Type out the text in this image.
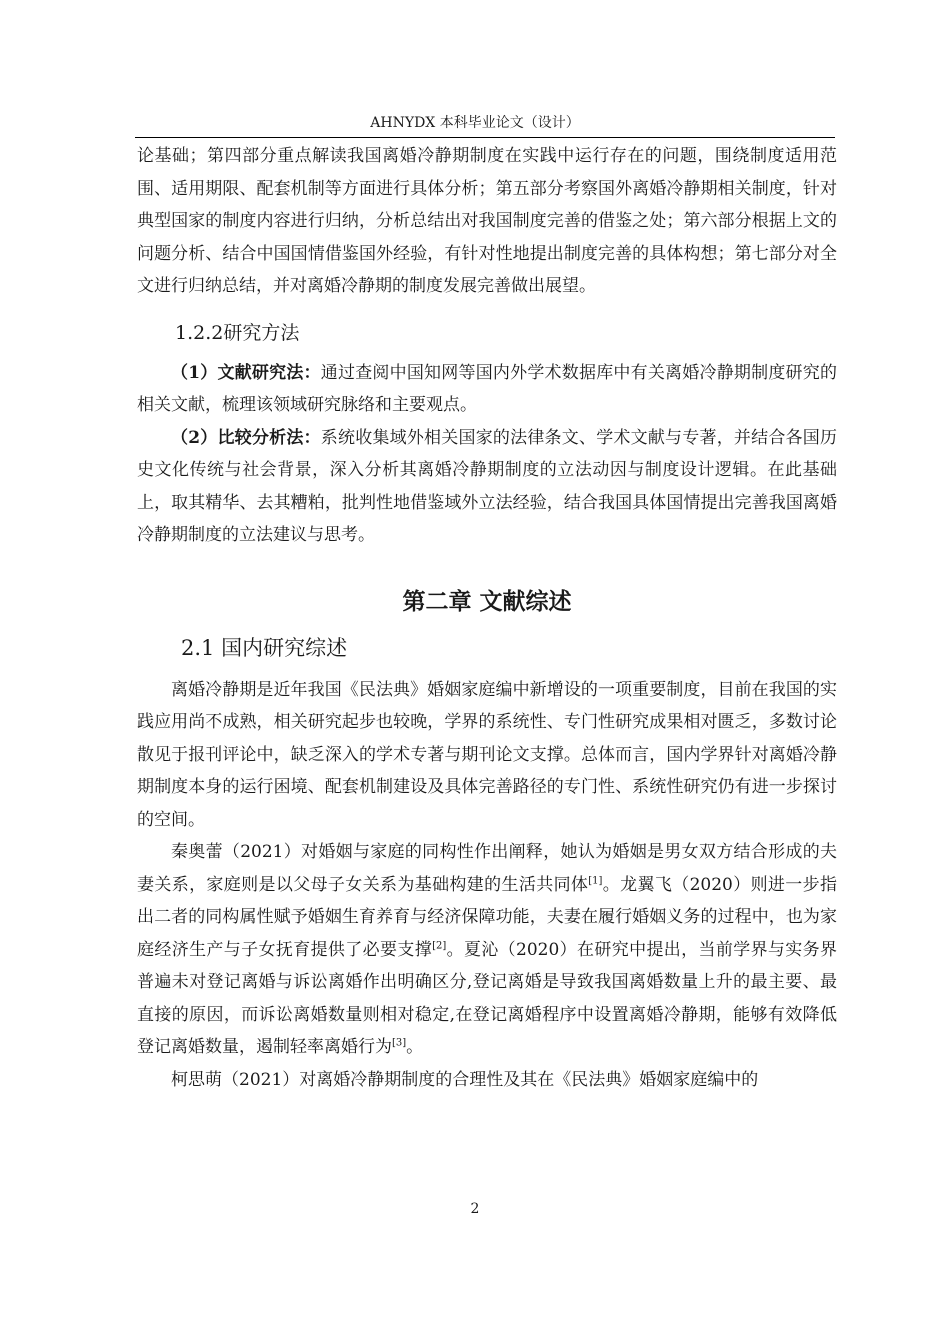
AHNYDX 本科毕业论文（设计）

论基础；第四部分重点解读我国离婚冷静期制度在实践中运行存在的问题，围绕制度适用范围、适用期限、配套机制等方面进行具体分析；第五部分考察国外离婚冷静期相关制度，针对典型国家的制度内容进行归纳，分析总结出对我国制度完善的借鉴之处；第六部分根据上文的问题分析、结合中国国情借鉴国外经验，有针对性地提出制度完善的具体构想；第七部分对全文进行归纳总结，并对离婚冷静期的制度发展完善做出展望。

1.2.2研究方法

（1）文献研究法：通过查阅中国知网等国内外学术数据库中有关离婚冷静期制度研究的相关文献，梳理该领域研究脉络和主要观点。

（2）比较分析法：系统收集域外相关国家的法律条文、学术文献与专著，并结合各国历史文化传统与社会背景，深入分析其离婚冷静期制度的立法动因与制度设计逻辑。在此基础上，取其精华、去其糟粕，批判性地借鉴域外立法经验，结合我国具体国情提出完善我国离婚冷静期制度的立法建议与思考。

第二章 文献综述
2.1 国内研究综述

离婚冷静期是近年我国《民法典》婚姻家庭编中新增设的一项重要制度，目前在我国的实践应用尚不成熟，相关研究起步也较晚，学界的系统性、专门性研究成果相对匮乏，多数讨论散见于报刊评论中，缺乏深入的学术专著与期刊论文支撑。总体而言，国内学界针对离婚冷静期制度本身的运行困境、配套机制建设及具体完善路径的专门性、系统性研究仍有进一步探讨的空间。

秦奥蕾（2021）对婚姻与家庭的同构性作出阐释，她认为婚姻是男女双方结合形成的夫妻关系，家庭则是以父母子女关系为基础构建的生活共同体[1]。龙翼飞（2020）则进一步指出二者的同构属性赋予婚姻生育养育与经济保障功能，夫妻在履行婚姻义务的过程中，也为家庭经济生产与子女抚育提供了必要支撑[2]。夏沁（2020）在研究中提出，当前学界与实务界普遍未对登记离婚与诉讼离婚作出明确区分,登记离婚是导致我国离婚数量上升的最主要、最直接的原因，而诉讼离婚数量则相对稳定,在登记离婚程序中设置离婚冷静期，能够有效降低登记离婚数量，遏制轻率离婚行为[3]。

柯思萌（2021）对离婚冷静期制度的合理性及其在《民法典》婚姻家庭编中的

2
